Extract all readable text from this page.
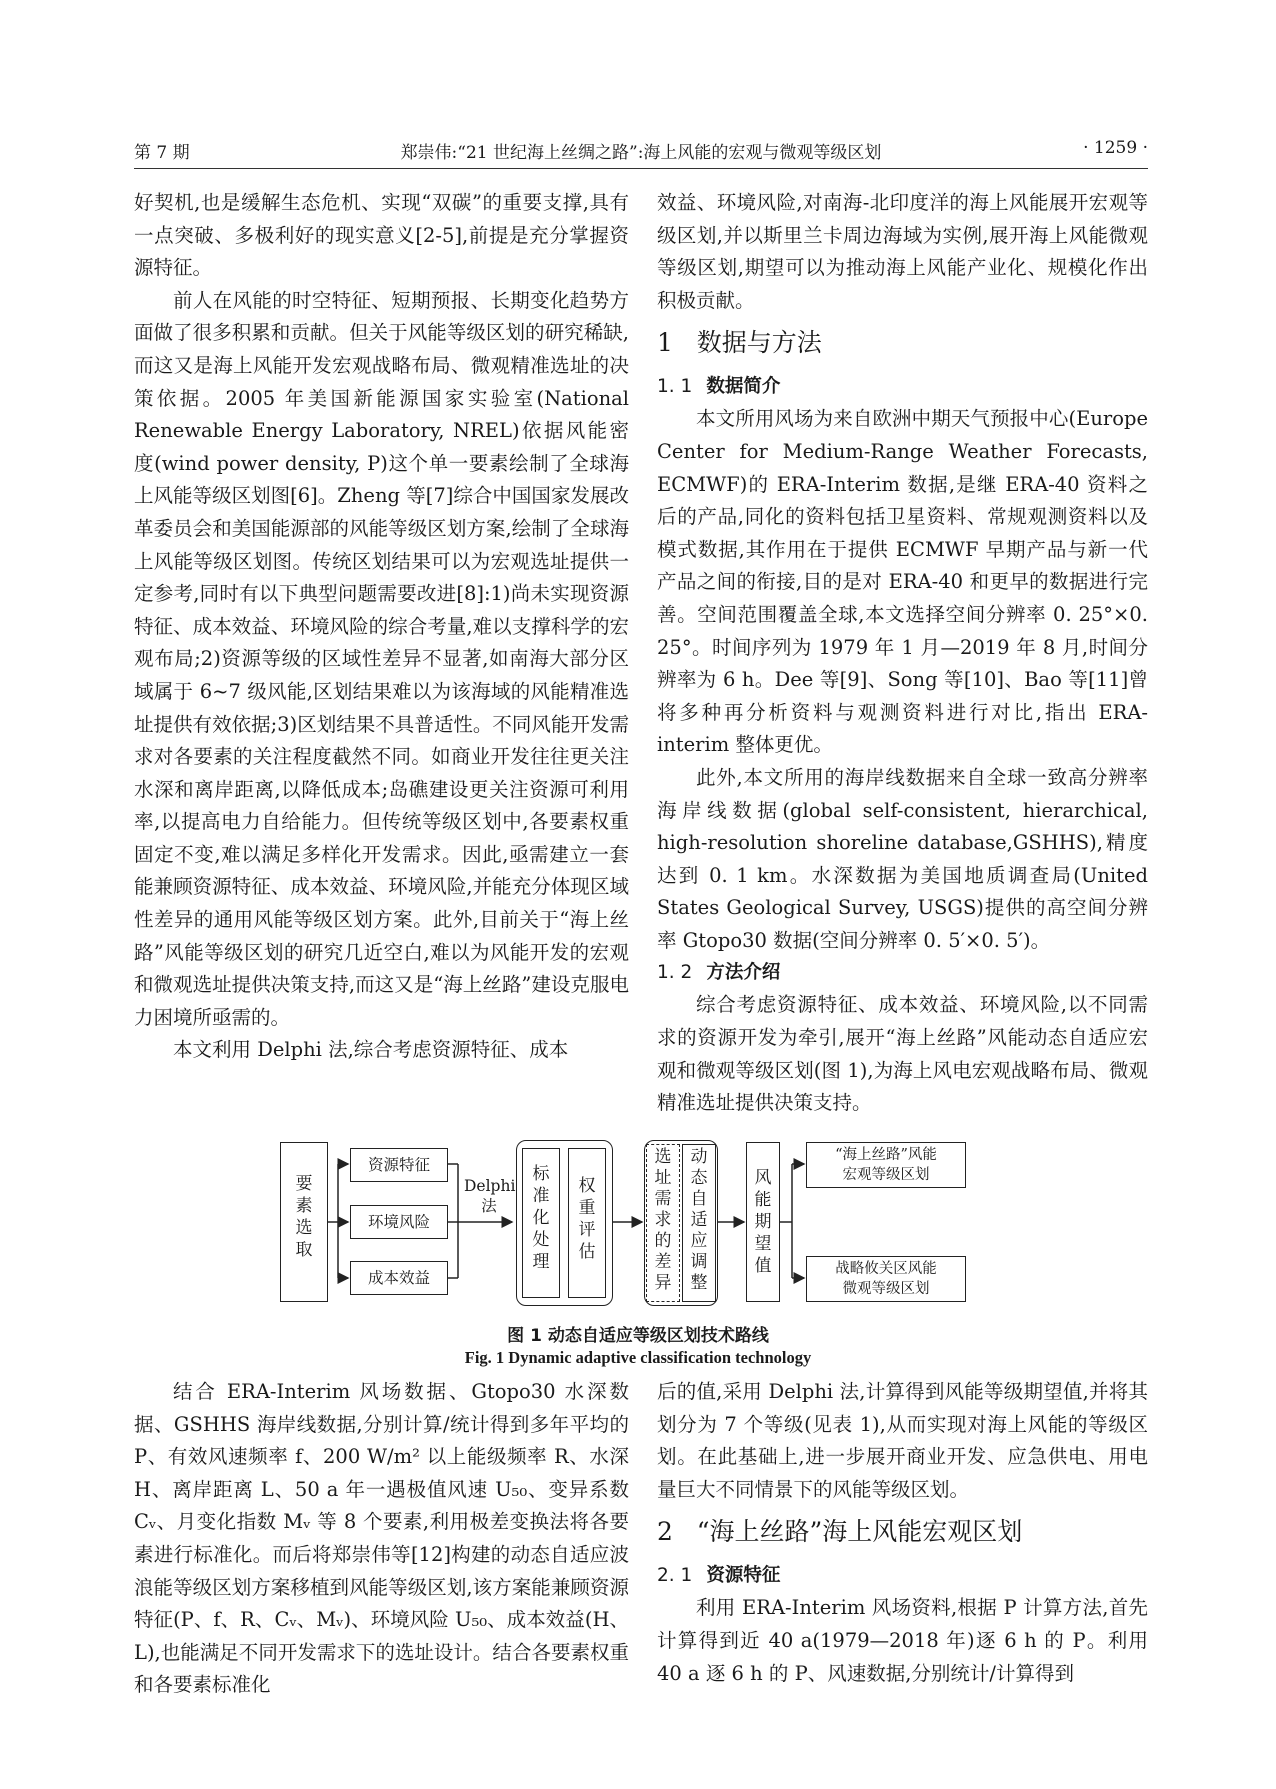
第 7 期	郑崇伟:“21 世纪海上丝绸之路”:海上风能的宏观与微观等级区划	· 1259 ·

好契机,也是缓解生态危机、实现“双碳”的重要支撑,具有一点突破、多极利好的现实意义[2-5],前提是充分掌握资源特征。

前人在风能的时空特征、短期预报、长期变化趋势方面做了很多积累和贡献。但关于风能等级区划的研究稀缺,而这又是海上风能开发宏观战略布局、微观精准选址的决策依据。2005 年美国新能源国家实验室(National Renewable Energy Laboratory, NREL)依据风能密度(wind power density, P)这个单一要素绘制了全球海上风能等级区划图[6]。Zheng 等[7]综合中国国家发展改革委员会和美国能源部的风能等级区划方案,绘制了全球海上风能等级区划图。传统区划结果可以为宏观选址提供一定参考,同时有以下典型问题需要改进[8]:1)尚未实现资源特征、成本效益、环境风险的综合考量,难以支撑科学的宏观布局;2)资源等级的区域性差异不显著,如南海大部分区域属于 6~7 级风能,区划结果难以为该海域的风能精准选址提供有效依据;3)区划结果不具普适性。不同风能开发需求对各要素的关注程度截然不同。如商业开发往往更关注水深和离岸距离,以降低成本;岛礁建设更关注资源可利用率,以提高电力自给能力。但传统等级区划中,各要素权重固定不变,难以满足多样化开发需求。因此,亟需建立一套能兼顾资源特征、成本效益、环境风险,并能充分体现区域性差异的通用风能等级区划方案。此外,目前关于“海上丝路”风能等级区划的研究几近空白,难以为风能开发的宏观和微观选址提供决策支持,而这又是“海上丝路”建设克服电力困境所亟需的。

本文利用 Delphi 法,综合考虑资源特征、成本

效益、环境风险,对南海-北印度洋的海上风能展开宏观等级区划,并以斯里兰卡周边海域为实例,展开海上风能微观等级区划,期望可以为推动海上风能产业化、规模化作出积极贡献。

1 数据与方法

1. 1 数据简介

本文所用风场为来自欧洲中期天气预报中心(Europe Center for Medium-Range Weather Forecasts, ECMWF)的 ERA-Interim 数据,是继 ERA-40 资料之后的产品,同化的资料包括卫星资料、常规观测资料以及模式数据,其作用在于提供 ECMWF 早期产品与新一代产品之间的衔接,目的是对 ERA-40 和更早的数据进行完善。空间范围覆盖全球,本文选择空间分辨率 0. 25°×0. 25°。时间序列为 1979 年 1 月—2019 年 8 月,时间分辨率为 6 h。Dee 等[9]、Song 等[10]、Bao 等[11]曾将多种再分析资料与观测资料进行对比,指出 ERA-interim 整体更优。

此外,本文所用的海岸线数据来自全球一致高分辨率海岸线数据(global self-consistent, hierarchical, high-resolution shoreline database,GSHHS),精度达到 0. 1 km。水深数据为美国地质调查局(United States Geological Survey, USGS)提供的高空间分辨率 Gtopo30 数据(空间分辨率 0. 5′×0. 5′)。

1. 2 方法介绍

综合考虑资源特征、成本效益、环境风险,以不同需求的资源开发为牵引,展开“海上丝路”风能动态自适应宏观和微观等级区划(图 1),为海上风电宏观战略布局、微观精准选址提供决策支持。

要
素
选
取
资源特征
环境风险
成本效益
Delphi
法
标
准
化
处
理
权
重
评
估
选
址
需
求
的
差
异
动
态
自
适
应
调
整
风
能
期
望
值
“海上丝路”风能
宏观等级区划
战略攸关区风能
微观等级区划
图 1 动态自适应等级区划技术路线
Fig. 1 Dynamic adaptive classification technology

结合 ERA-Interim 风场数据、Gtopo30 水深数据、GSHHS 海岸线数据,分别计算/统计得到多年平均的 P、有效风速频率 f、200 W/m² 以上能级频率 R、水深 H、离岸距离 L、50 a 年一遇极值风速 U₅₀、变异系数 Cᵥ、月变化指数 Mᵥ 等 8 个要素,利用极差变换法将各要素进行标准化。而后将郑崇伟等[12]构建的动态自适应波浪能等级区划方案移植到风能等级区划,该方案能兼顾资源特征(P、f、R、Cᵥ、Mᵥ)、环境风险 U₅₀、成本效益(H、L),也能满足不同开发需求下的选址设计。结合各要素权重和各要素标准化

后的值,采用 Delphi 法,计算得到风能等级期望值,并将其划分为 7 个等级(见表 1),从而实现对海上风能的等级区划。在此基础上,进一步展开商业开发、应急供电、用电量巨大不同情景下的风能等级区划。

2 “海上丝路”海上风能宏观区划

2. 1 资源特征

利用 ERA-Interim 风场资料,根据 P 计算方法,首先计算得到近 40 a(1979—2018 年)逐 6 h 的 P。利用 40 a 逐 6 h 的 P、风速数据,分别统计/计算得到
